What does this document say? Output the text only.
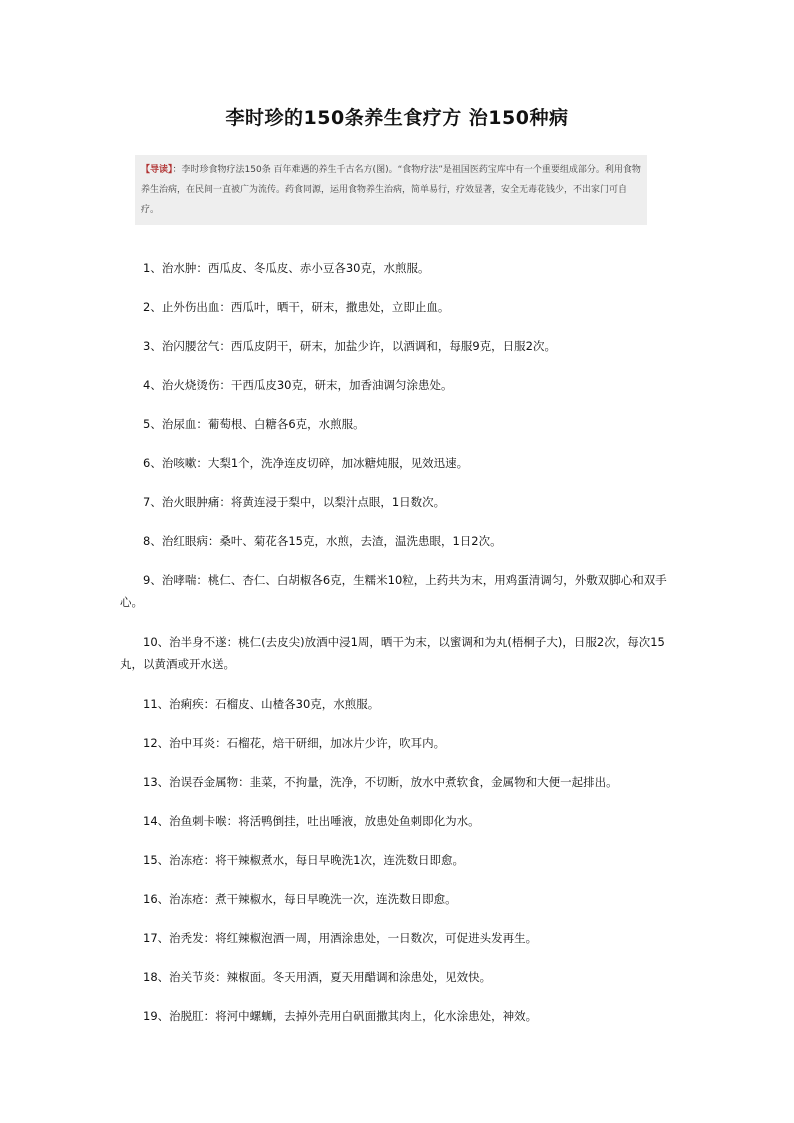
李时珍的150条养生食疗方 治150种病
【导读】：李时珍食物疗法150条 百年难遇的养生千古名方(图)。“食物疗法”是祖国医药宝库中有一个重要组成部分。利用食物养生治病，在民间一直被广为流传。药食同源，运用食物养生治病，简单易行，疗效显著，安全无毒花钱少，不出家门可自疗。
1、治水肿：西瓜皮、冬瓜皮、赤小豆各30克，水煎服。
2、止外伤出血：西瓜叶，晒干，研末，撒患处，立即止血。
3、治闪腰岔气：西瓜皮阴干，研末，加盐少许，以酒调和，每服9克，日服2次。
4、治火烧烫伤：干西瓜皮30克，研末，加香油调匀涂患处。
5、治尿血：葡萄根、白糖各6克，水煎服。
6、治咳嗽：大梨1个，洗净连皮切碎，加冰糖炖服，见效迅速。
7、治火眼肿痛：将黄连浸于梨中，以梨汁点眼，1日数次。
8、治红眼病：桑叶、菊花各15克，水煎，去渣，温洗患眼，1日2次。
9、治哮喘：桃仁、杏仁、白胡椒各6克，生糯米10粒，上药共为末，用鸡蛋清调匀，外敷双脚心和双手心。
10、治半身不遂：桃仁(去皮尖)放酒中浸1周，晒干为末，以蜜调和为丸(梧桐子大)，日服2次，每次15丸，以黄酒或开水送。
11、治痢疾：石榴皮、山楂各30克，水煎服。
12、治中耳炎：石榴花，焙干研细，加冰片少许，吹耳内。
13、治误吞金属物：韭菜，不拘量，洗净，不切断，放水中煮软食，金属物和大便一起排出。
14、治鱼刺卡喉：将活鸭倒挂，吐出唾液，放患处鱼刺即化为水。
15、治冻疮：将干辣椒煮水，每日早晚洗1次，连洗数日即愈。
16、治冻疮：煮干辣椒水，每日早晚洗一次，连洗数日即愈。
17、治秃发：将红辣椒泡酒一周，用酒涂患处，一日数次，可促进头发再生。
18、治关节炎：辣椒面。冬天用酒，夏天用醋调和涂患处，见效快。
19、治脱肛：将河中螺蛳，去掉外壳用白矾面撒其肉上，化水涂患处，神效。
